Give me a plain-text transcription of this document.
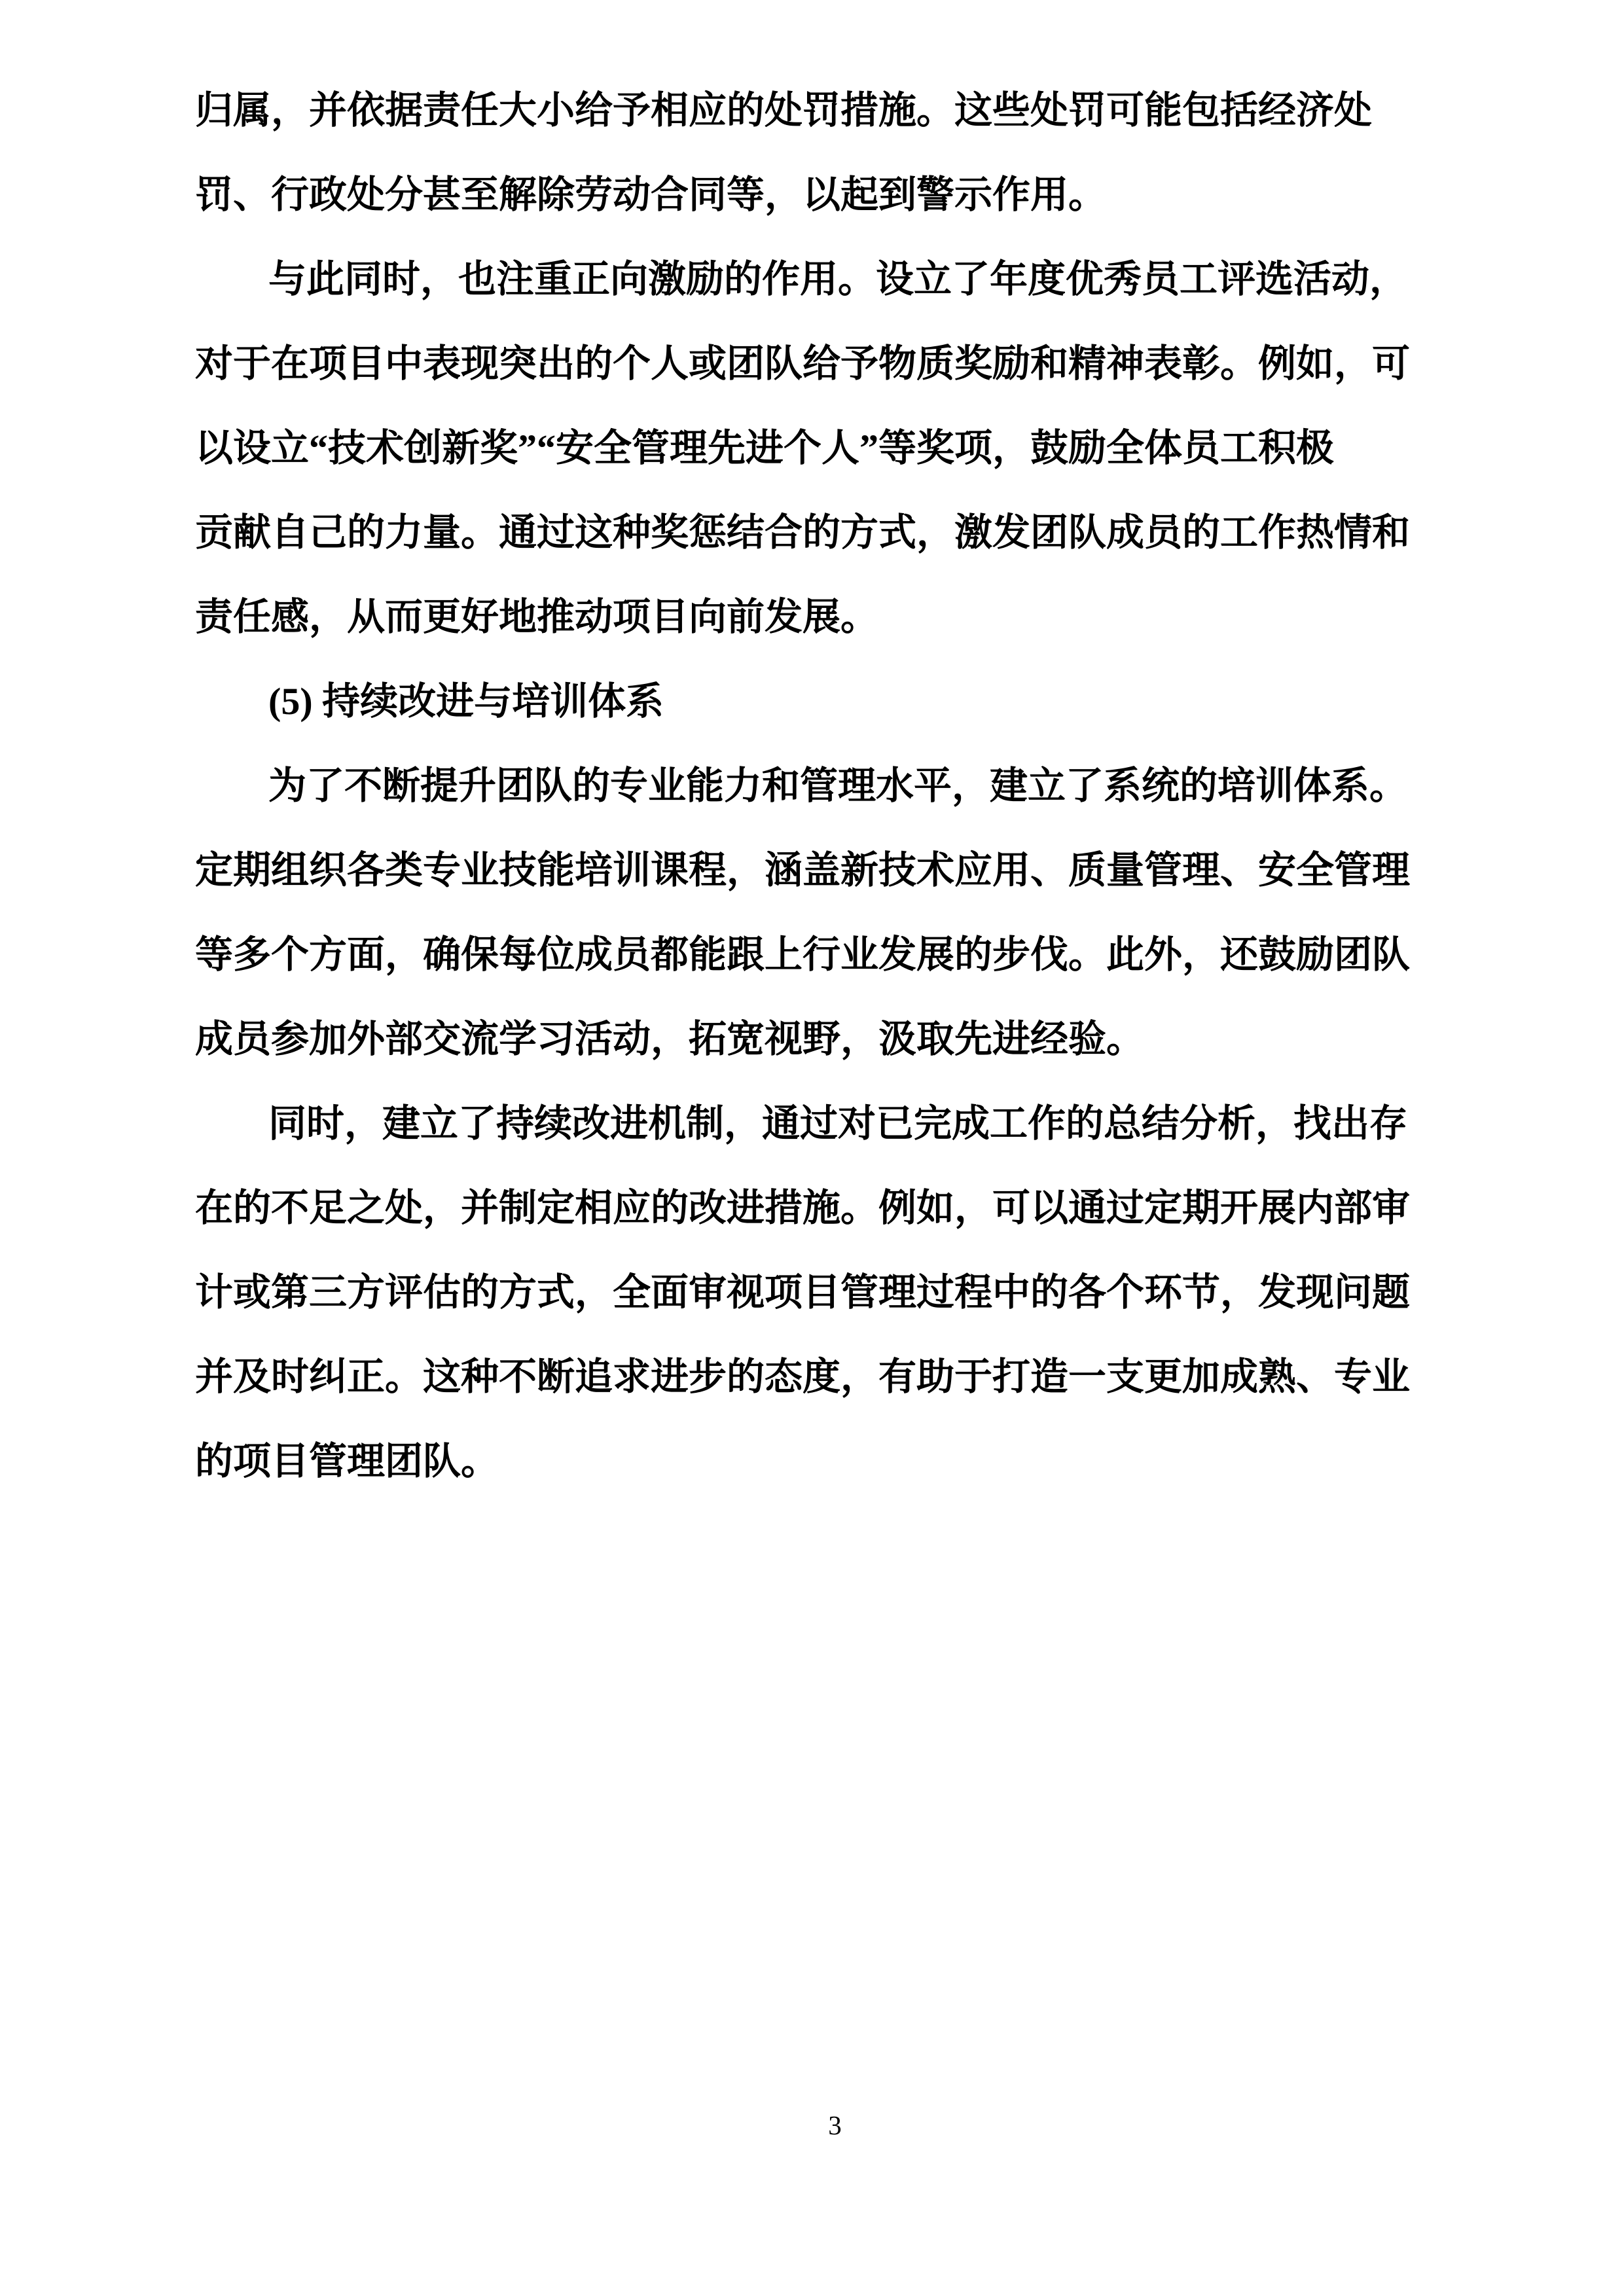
归属，并依据责任大小给予相应的处罚措施。这些处罚可能包括经济处
罚、行政处分甚至解除劳动合同等，以起到警示作用。
与此同时，也注重正向激励的作用。设立了年度优秀员工评选活动，
对于在项目中表现突出的个人或团队给予物质奖励和精神表彰。例如，可
以设立“技术创新奖”“安全管理先进个人”等奖项，鼓励全体员工积极
贡献自己的力量。通过这种奖惩结合的方式，激发团队成员的工作热情和
责任感，从而更好地推动项目向前发展。
(5) 持续改进与培训体系
为了不断提升团队的专业能力和管理水平，建立了系统的培训体系。
定期组织各类专业技能培训课程，涵盖新技术应用、质量管理、安全管理
等多个方面，确保每位成员都能跟上行业发展的步伐。此外，还鼓励团队
成员参加外部交流学习活动，拓宽视野，汲取先进经验。
同时，建立了持续改进机制，通过对已完成工作的总结分析，找出存
在的不足之处，并制定相应的改进措施。例如，可以通过定期开展内部审
计或第三方评估的方式，全面审视项目管理过程中的各个环节，发现问题
并及时纠正。这种不断追求进步的态度，有助于打造一支更加成熟、专业
的项目管理团队。
3
